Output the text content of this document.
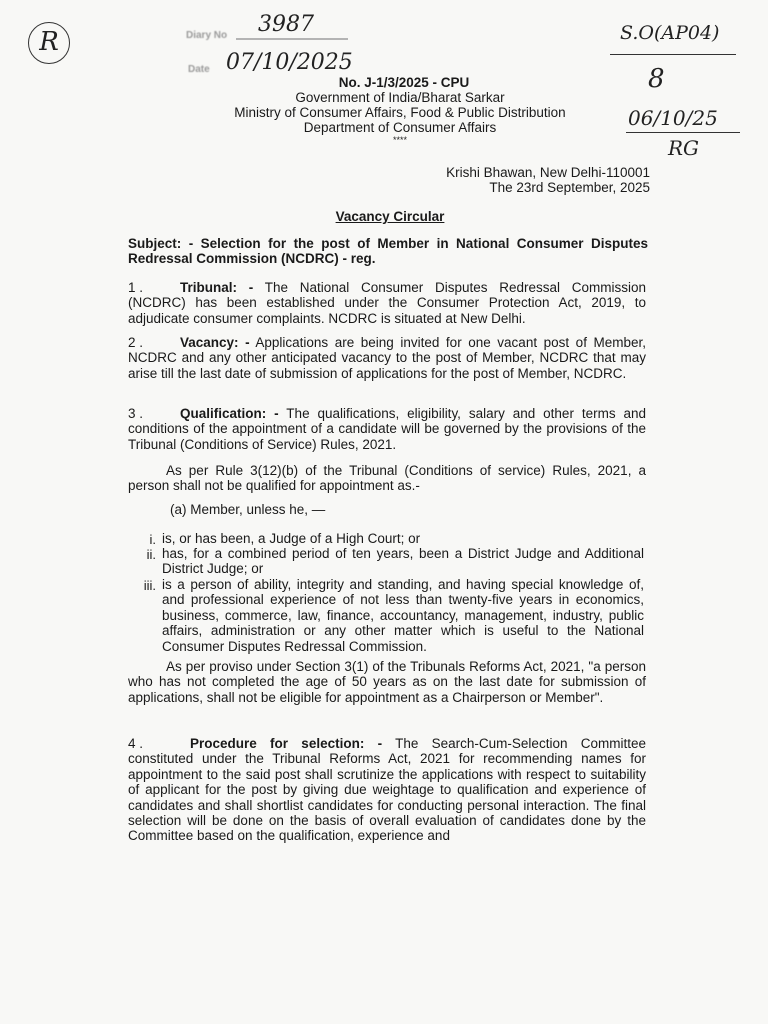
R	Diary No 3987
Date 07/10/2025
S.O(AP04)
8
06/10/25
RG
No. J-1/3/2025 - CPU
Government of India/Bharat Sarkar
Ministry of Consumer Affairs, Food & Public Distribution
Department of Consumer Affairs
****
Krishi Bhawan, New Delhi-110001
The 23rd September, 2025
Vacancy Circular
Subject: - Selection for the post of Member in National Consumer Disputes Redressal Commission (NCDRC) - reg.
1 .	Tribunal: - The National Consumer Disputes Redressal Commission (NCDRC) has been established under the Consumer Protection Act, 2019, to adjudicate consumer complaints. NCDRC is situated at New Delhi.
2 .	Vacancy: - Applications are being invited for one vacant post of Member, NCDRC and any other anticipated vacancy to the post of Member, NCDRC that may arise till the last date of submission of applications for the post of Member, NCDRC.
3 .	Qualification: - The qualifications, eligibility, salary and other terms and conditions of the appointment of a candidate will be governed by the provisions of the Tribunal (Conditions of Service) Rules, 2021.
As per Rule 3(12)(b) of the Tribunal (Conditions of service) Rules, 2021, a person shall not be qualified for appointment as.-
(a) Member, unless he, —
i. is, or has been, a Judge of a High Court; or
ii. has, for a combined period of ten years, been a District Judge and Additional District Judge; or
iii. is a person of ability, integrity and standing, and having special knowledge of, and professional experience of not less than twenty-five years in economics, business, commerce, law, finance, accountancy, management, industry, public affairs, administration or any other matter which is useful to the National Consumer Disputes Redressal Commission.
As per proviso under Section 3(1) of the Tribunals Reforms Act, 2021, "a person who has not completed the age of 50 years as on the last date for submission of applications, shall not be eligible for appointment as a Chairperson or Member".
4 .	Procedure for selection: - The Search-Cum-Selection Committee constituted under the Tribunal Reforms Act, 2021 for recommending names for appointment to the said post shall scrutinize the applications with respect to suitability of applicant for the post by giving due weightage to qualification and experience of candidates and shall shortlist candidates for conducting personal interaction. The final selection will be done on the basis of overall evaluation of candidates done by the Committee based on the qualification, experience and
